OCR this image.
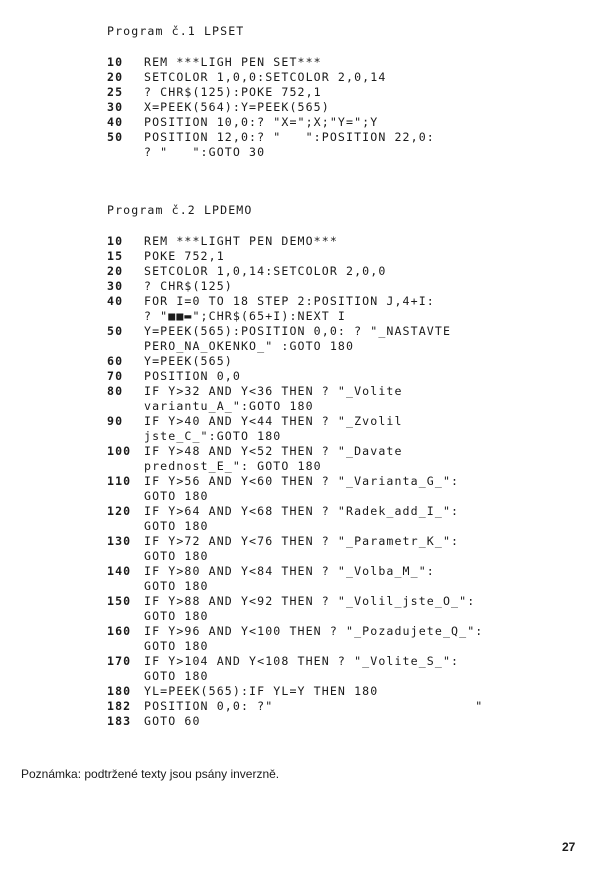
Program č.1 LPSET
10	REM ***LIGH PEN SET***
20	SETCOLOR 1,0,0:SETCOLOR 2,0,14
25	? CHR$(125):POKE 752,1
30	X=PEEK(564):Y=PEEK(565)
40	POSITION 10,0:? "X=";X;"Y=";Y
50	POSITION 12,0:? "   ":POSITION 22,0:
? "   ":GOTO 30
Program č.2 LPDEMO
10	REM ***LIGHT PEN DEMO***
15	POKE 752,1
20	SETCOLOR 1,0,14:SETCOLOR 2,0,0
30	? CHR$(125)
40	FOR I=0 TO 18 STEP 2:POSITION J,4+I:
? "■■▬";CHR$(65+I):NEXT I
50	Y=PEEK(565):POSITION 0,0: ? "_NASTAVTE
PERO_NA_OKENKO_" :GOTO 180
60	Y=PEEK(565)
70	POSITION 0,0
80	IF Y>32 AND Y<36 THEN ? "_Volite
variantu_A_":GOTO 180
90	IF Y>40 AND Y<44 THEN ? "_Zvolil
jste_C_":GOTO 180
100	IF Y>48 AND Y<52 THEN ? "_Davate
prednost_E_": GOTO 180
110	IF Y>56 AND Y<60 THEN ? "_Varianta_G_":
GOTO 180
120	IF Y>64 AND Y<68 THEN ? "Radek_add_I_":
GOTO 180
130	IF Y>72 AND Y<76 THEN ? "_Parametr_K_":
GOTO 180
140	IF Y>80 AND Y<84 THEN ? "_Volba_M_":
GOTO 180
150	IF Y>88 AND Y<92 THEN ? "_Volil_jste_O_":
GOTO 180
160	IF Y>96 AND Y<100 THEN ? "_Pozadujete_Q_":
GOTO 180
170	IF Y>104 AND Y<108 THEN ? "_Volite_S_":
GOTO 180
180	YL=PEEK(565):IF YL=Y THEN 180
182	POSITION 0,0: ?"                         "
183	GOTO 60
Poznámka: podtržené texty jsou psány inverzně.
27
